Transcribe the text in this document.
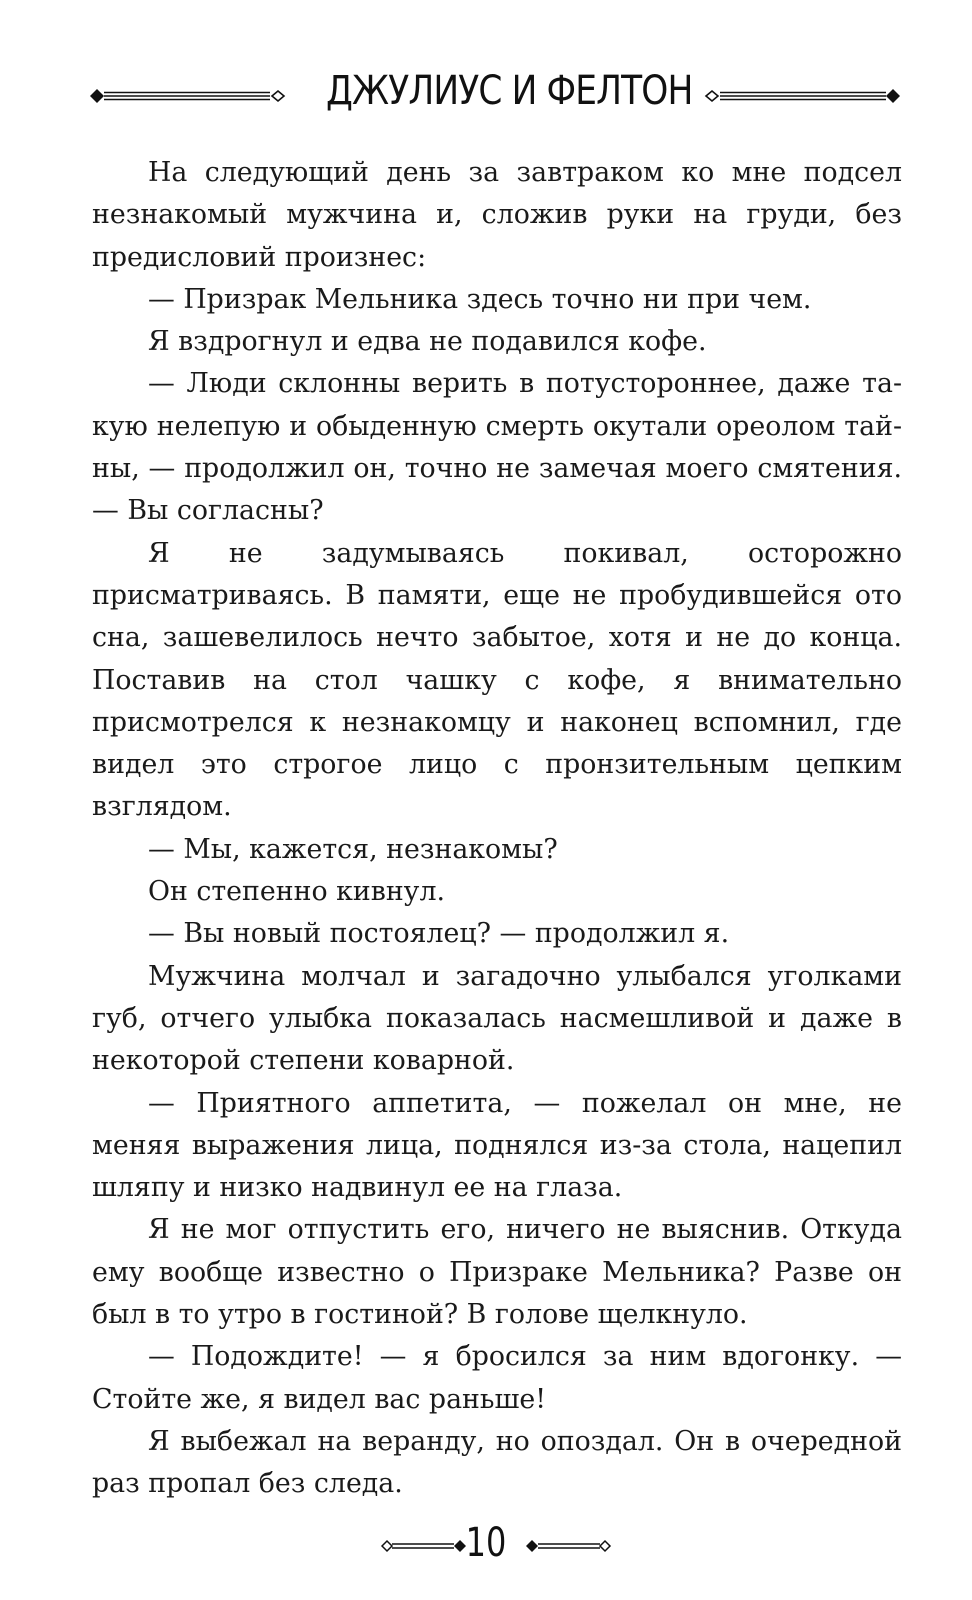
ДЖУЛИУС И ФЕЛТОН

На следующий день за завтраком ко мне подсел незнакомый мужчина и, сложив руки на груди, без предисловий произнес:

— Призрак Мельника здесь точно ни при чем.

Я вздрогнул и едва не подавился кофе.

— Люди склонны верить в потустороннее, даже такую нелепую и обыденную смерть окутали ореолом тайны, — продолжил он, точно не замечая моего смятения. — Вы согласны?

Я не задумываясь покивал, осторожно присматриваясь. В памяти, еще не пробудившейся ото сна, зашевелилось нечто забытое, хотя и не до конца. Поставив на стол чашку с кофе, я внимательно присмотрелся к незнакомцу и наконец вспомнил, где видел это строгое лицо с пронзительным цепким взглядом.

— Мы, кажется, незнакомы?

Он степенно кивнул.

— Вы новый постоялец? — продолжил я.

Мужчина молчал и загадочно улыбался уголками губ, отчего улыбка показалась насмешливой и даже в некоторой степени коварной.

— Приятного аппетита, — пожелал он мне, не меняя выражения лица, поднялся из-за стола, нацепил шляпу и низко надвинул ее на глаза.

Я не мог отпустить его, ничего не выяснив. Откуда ему вообще известно о Призраке Мельника? Разве он был в то утро в гостиной? В голове щелкнуло.

— Подождите! — я бросился за ним вдогонку. — Стойте же, я видел вас раньше!

Я выбежал на веранду, но опоздал. Он в очередной раз пропал без следа.

10
